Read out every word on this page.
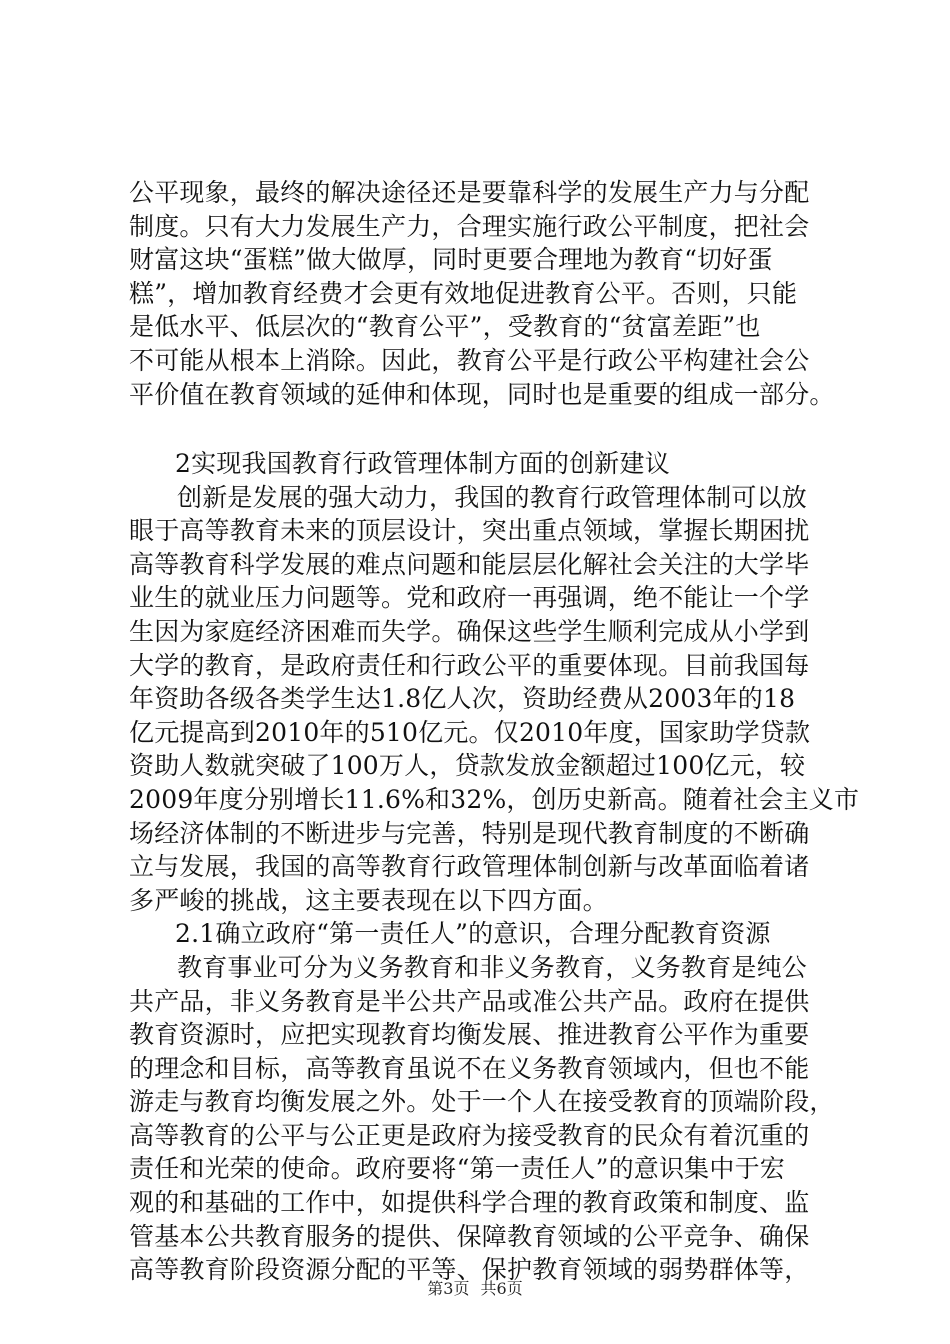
公平现象，最终的解决途径还是要靠科学的发展生产力与分配
制度。只有大力发展生产力，合理实施行政公平制度，把社会
财富这块“蛋糕”做大做厚，同时更要合理地为教育“切好蛋
糕”，增加教育经费才会更有效地促进教育公平。否则，只能
是低水平、低层次的“教育公平”，受教育的“贫富差距”也
不可能从根本上消除。因此，教育公平是行政公平构建社会公
平价值在教育领域的延伸和体现，同时也是重要的组成一部分。
2实现我国教育行政管理体制方面的创新建议
创新是发展的强大动力，我国的教育行政管理体制可以放
眼于高等教育未来的顶层设计，突出重点领域，掌握长期困扰
高等教育科学发展的难点问题和能层层化解社会关注的大学毕
业生的就业压力问题等。党和政府一再强调，绝不能让一个学
生因为家庭经济困难而失学。确保这些学生顺利完成从小学到
大学的教育，是政府责任和行政公平的重要体现。目前我国每
年资助各级各类学生达1.8亿人次，资助经费从2003年的18
亿元提高到2010年的510亿元。仅2010年度，国家助学贷款
资助人数就突破了100万人，贷款发放金额超过100亿元，较
2009年度分别增长11.6%和32%，创历史新高。随着社会主义市
场经济体制的不断进步与完善，特别是现代教育制度的不断确
立与发展，我国的高等教育行政管理体制创新与改革面临着诸
多严峻的挑战，这主要表现在以下四方面。
2.1确立政府“第一责任人”的意识，合理分配教育资源
教育事业可分为义务教育和非义务教育，义务教育是纯公
共产品，非义务教育是半公共产品或准公共产品。政府在提供
教育资源时，应把实现教育均衡发展、推进教育公平作为重要
的理念和目标，高等教育虽说不在义务教育领域内，但也不能
游走与教育均衡发展之外。处于一个人在接受教育的顶端阶段，
高等教育的公平与公正更是政府为接受教育的民众有着沉重的
责任和光荣的使命。政府要将“第一责任人”的意识集中于宏
观的和基础的工作中，如提供科学合理的教育政策和制度、监
管基本公共教育服务的提供、保障教育领域的公平竞争、确保
高等教育阶段资源分配的平等、保护教育领域的弱势群体等，
第3页 共6页
